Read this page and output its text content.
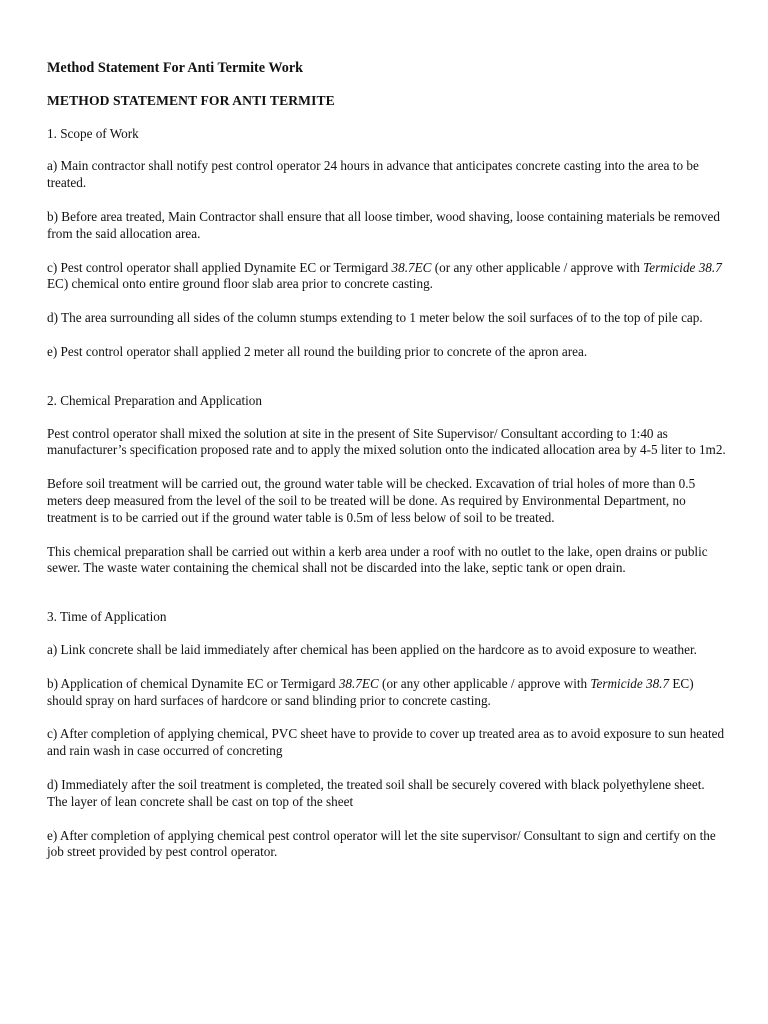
Method Statement For Anti Termite Work
METHOD STATEMENT FOR ANTI TERMITE
1. Scope of Work

a) Main contractor shall notify pest control operator 24 hours in advance that anticipates concrete casting into the area to be treated.

b) Before area treated, Main Contractor shall ensure that all loose timber, wood shaving, loose containing materials be removed from the said allocation area.

c) Pest control operator shall applied Dynamite EC or Termigard 38.7EC (or any other applicable / approve with Termicide 38.7 EC) chemical onto entire ground floor slab area prior to concrete casting.

d) The area surrounding all sides of the column stumps extending to 1 meter below the soil surfaces of to the top of pile cap.

e) Pest control operator shall applied 2 meter all round the building prior to concrete of the apron area.

2. Chemical Preparation and Application

Pest control operator shall mixed the solution at site in the present of Site Supervisor/ Consultant according to 1:40 as manufacturer’s specification proposed rate and to apply the mixed solution onto the indicated allocation area by 4-5 liter to 1m2.

Before soil treatment will be carried out, the ground water table will be checked. Excavation of trial holes of more than 0.5 meters deep measured from the level of the soil to be treated will be done. As required by Environmental Department, no treatment is to be carried out if the ground water table is 0.5m of less below of soil to be treated.

This chemical preparation shall be carried out within a kerb area under a roof with no outlet to the lake, open drains or public sewer. The waste water containing the chemical shall not be discarded into the lake, septic tank or open drain.

3. Time of Application

a) Link concrete shall be laid immediately after chemical has been applied on the hardcore as to avoid exposure to weather.

b) Application of chemical Dynamite EC or Termigard 38.7EC (or any other applicable / approve with Termicide 38.7 EC) should spray on hard surfaces of hardcore or sand blinding prior to concrete casting.

c) After completion of applying chemical, PVC sheet have to provide to cover up treated area as to avoid exposure to sun heated and rain wash in case occurred of concreting

d) Immediately after the soil treatment is completed, the treated soil shall be securely covered with black polyethylene sheet. The layer of lean concrete shall be cast on top of the sheet

e) After completion of applying chemical pest control operator will let the site supervisor/ Consultant to sign and certify on the job street provided by pest control operator.
